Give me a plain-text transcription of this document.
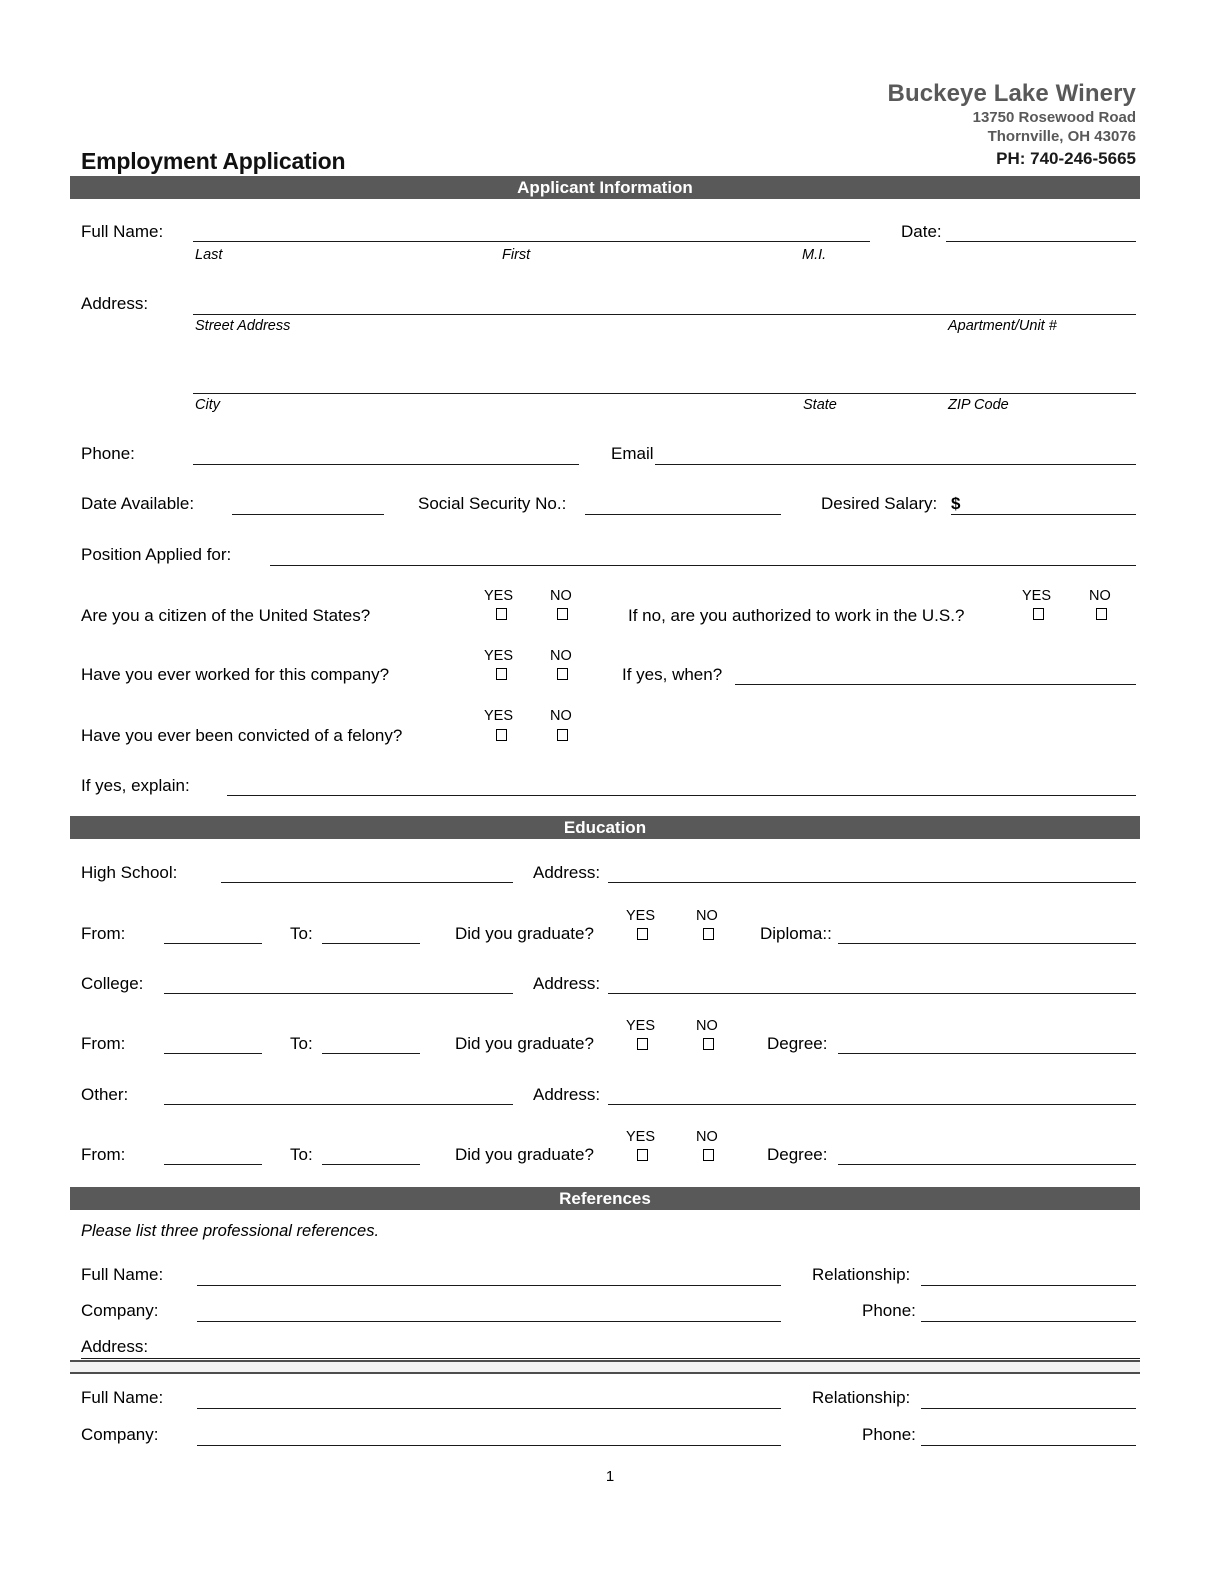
Buckeye Lake Winery
13750 Rosewood Road
Thornville, OH 43076
PH: 740-246-5665
Employment Application
Applicant Information
Full Name:
Last	First	M.I.
Date:
Address:
Street Address	Apartment/Unit #
City	State	ZIP Code
Phone:	Email
Date Available:	Social Security No.:	Desired Salary: $
Position Applied for:
Are you a citizen of the United States?
YES	NO
If no, are you authorized to work in the U.S.?
YES	NO
Have you ever worked for this company?
YES	NO
If yes, when?
Have you ever been convicted of a felony?
YES	NO
If yes, explain:
Education
High School:	Address:
From:	To:	Did you graduate?
YES	NO
Diploma::
College:	Address:
From:	To:	Did you graduate?
YES	NO
Degree:
Other:	Address:
From:	To:	Did you graduate?
YES	NO
Degree:
References
Please list three professional references.
Full Name:	Relationship:
Company:	Phone:
Address:
Full Name:	Relationship:
Company:	Phone:
1
